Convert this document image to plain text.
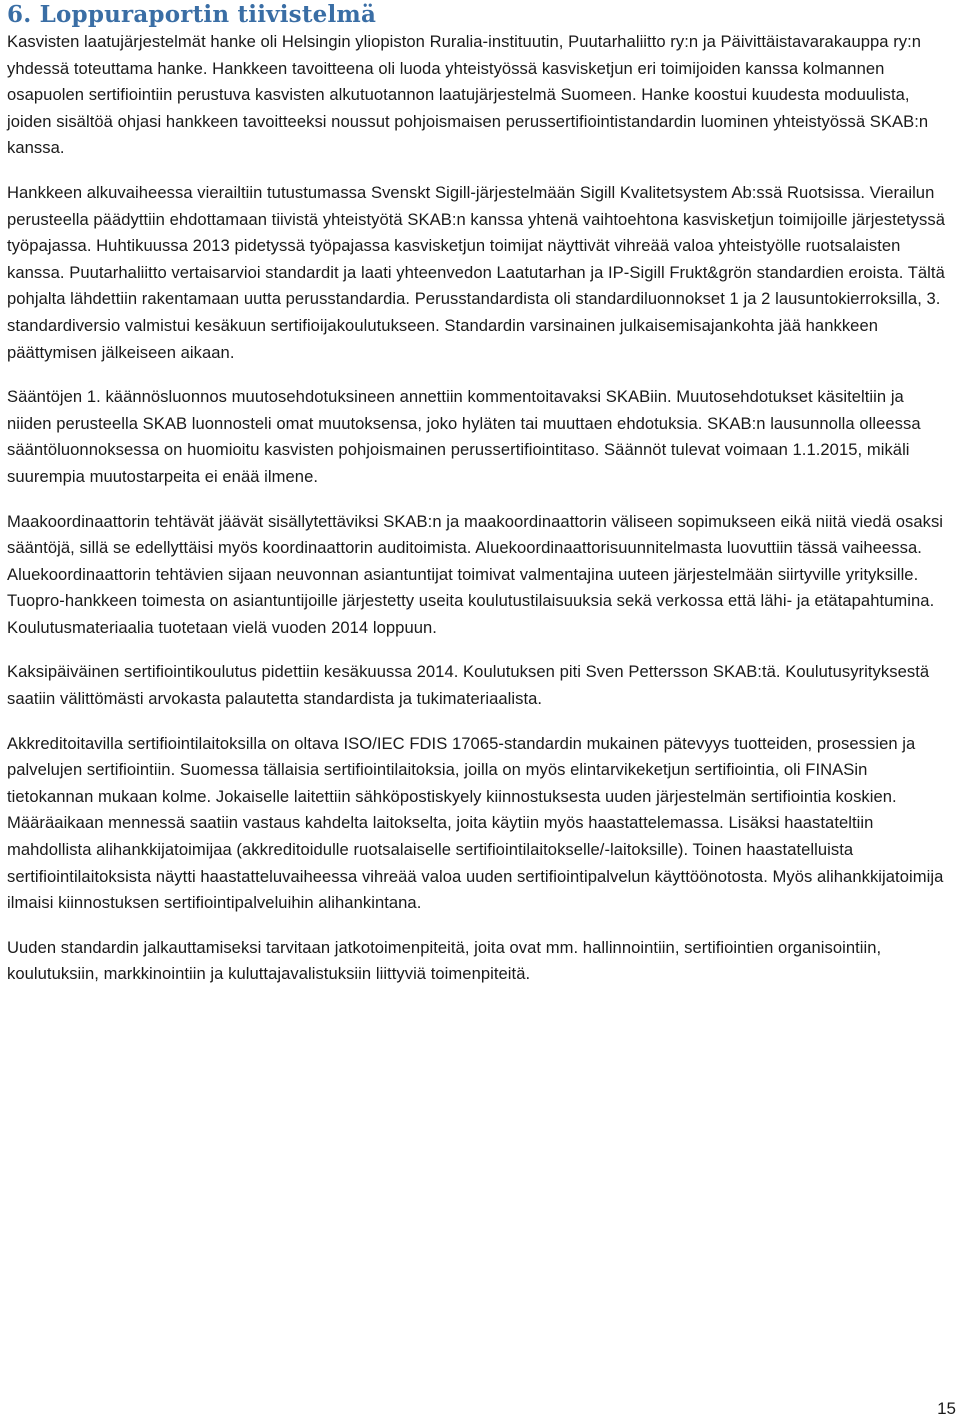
6. Loppuraportin tiivistelmä

Kasvisten laatujärjestelmät hanke oli Helsingin yliopiston Ruralia-instituutin, Puutarhaliitto ry:n ja Päivittäistavarakauppa ry:n yhdessä toteuttama hanke. Hankkeen tavoitteena oli luoda yhteistyössä kasvisketjun eri toimijoiden kanssa kolmannen osapuolen sertifiointiin perustuva kasvisten alkutuotannon laatujärjestelmä Suomeen. Hanke koostui kuudesta moduulista, joiden sisältöä ohjasi hankkeen tavoitteeksi noussut pohjoismaisen perussertifiointistandardin luominen yhteistyössä SKAB:n kanssa.

Hankkeen alkuvaiheessa vierailtiin tutustumassa Svenskt Sigill-järjestelmään Sigill Kvalitetsystem Ab:ssä Ruotsissa. Vierailun perusteella päädyttiin ehdottamaan tiivistä yhteistyötä SKAB:n kanssa yhtenä vaihtoehtona kasvisketjun toimijoille järjestetyssä työpajassa. Huhtikuussa 2013 pidetyssä työpajassa kasvisketjun toimijat näyttivät vihreää valoa yhteistyölle ruotsalaisten kanssa. Puutarhaliitto vertaisarvioi standardit ja laati yhteenvedon Laatutarhan ja IP-Sigill Frukt&grön standardien eroista. Tältä pohjalta lähdettiin rakentamaan uutta perusstandardia. Perusstandardista oli standardiluonnokset 1 ja 2 lausuntokierroksilla, 3. standardiversio valmistui kesäkuun sertifioijakoulutukseen. Standardin varsinainen julkaisemisajankohta jää hankkeen päättymisen jälkeiseen aikaan.

Sääntöjen 1. käännösluonnos muutosehdotuksineen annettiin kommentoitavaksi SKABiin. Muutosehdotukset käsiteltiin ja niiden perusteella SKAB luonnosteli omat muutoksensa, joko hyläten tai muuttaen ehdotuksia. SKAB:n lausunnolla olleessa sääntöluonnoksessa on huomioitu kasvisten pohjoismainen perussertifiointitaso. Säännöt tulevat voimaan 1.1.2015, mikäli suurempia muutostarpeita ei enää ilmene.

Maakoordinaattorin tehtävät jäävät sisällytettäviksi SKAB:n ja maakoordinaattorin väliseen sopimukseen eikä niitä viedä osaksi sääntöjä, sillä se edellyttäisi myös koordinaattorin auditoimista. Aluekoordinaattorisuunnitelmasta luovuttiin tässä vaiheessa. Aluekoordinaattorin tehtävien sijaan neuvonnan asiantuntijat toimivat valmentajina uuteen järjestelmään siirtyville yrityksille. Tuopro-hankkeen toimesta on asiantuntijoille järjestetty useita koulutustilaisuuksia sekä verkossa että lähi- ja etätapahtumina. Koulutusmateriaalia tuotetaan vielä vuoden 2014 loppuun.

Kaksipäiväinen sertifiointikoulutus pidettiin kesäkuussa 2014. Koulutuksen piti Sven Pettersson SKAB:tä. Koulutusyrityksestä saatiin välittömästi arvokasta palautetta standardista ja tukimateriaalista.

Akkreditoitavilla sertifiointilaitoksilla on oltava ISO/IEC FDIS 17065-standardin mukainen pätevyys tuotteiden, prosessien ja palvelujen sertifiointiin. Suomessa tällaisia sertifiointilaitoksia, joilla on myös elintarvikeketjun sertifiointia, oli FINASin tietokannan mukaan kolme. Jokaiselle laitettiin sähköpostiskyely kiinnostuksesta uuden järjestelmän sertifiointia koskien. Määräaikaan mennessä saatiin vastaus kahdelta laitokselta, joita käytiin myös haastattelemassa. Lisäksi haastateltiin mahdollista alihankkijatoimijaa (akkreditoidulle ruotsalaiselle sertifiointilaitokselle/-laitoksille). Toinen haastatelluista sertifiointilaitoksista näytti haastatteluvaiheessa vihreää valoa uuden sertifiointipalvelun käyttöönotosta. Myös alihankkijatoimija ilmaisi kiinnostuksen sertifiointipalveluihin alihankintana.

Uuden standardin jalkauttamiseksi tarvitaan jatkotoimenpiteitä, joita ovat mm. hallinnointiin, sertifiointien organisointiin, koulutuksiin, markkinointiin ja kuluttajavalistuksiin liittyviä toimenpiteitä.

15
